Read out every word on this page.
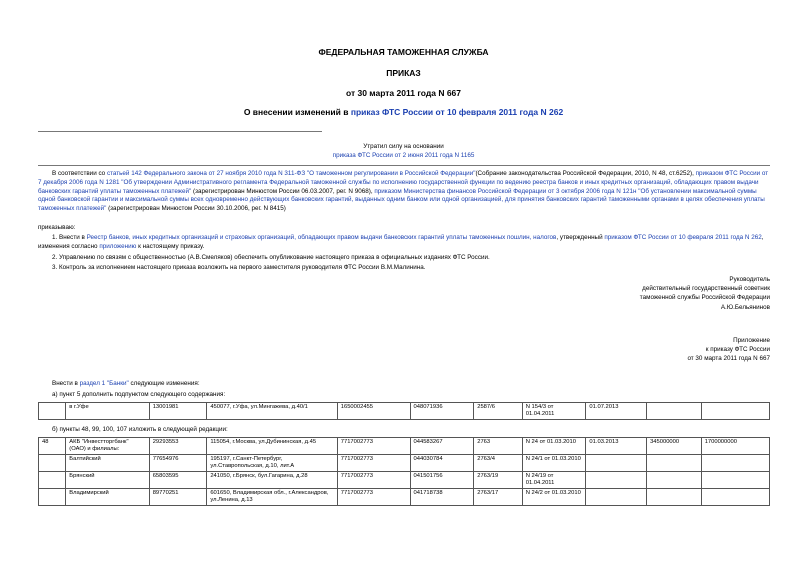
ФЕДЕРАЛЬНАЯ ТАМОЖЕННАЯ СЛУЖБА
ПРИКАЗ
от 30 марта 2011 года N 667
О внесении изменений в приказ ФТС России от 10 февраля 2011 года N 262
Утратил силу на основании
приказа ФТС России от 2 июня 2011 года N 1165
В соответствии со статьей 142 Федерального закона от 27 ноября 2010 года N 311-ФЗ "О таможенном регулировании в Российской Федерации"(Собрание законодательства Российской Федерации, 2010, N 48, ст.6252), приказом ФТС России от 7 декабря 2006 года N 1281 "Об утверждении Административного регламента Федеральной таможенной службы по исполнению государственной функции по ведению реестра банков и иных кредитных организаций, обладающих правом выдачи банковских гарантий уплаты таможенных платежей" (зарегистрирован Минюстом России 06.03.2007, рег. N 9068), приказом Министерства финансов Российской Федерации от 3 октября 2006 года N 121н "Об установлении максимальной суммы одной банковской гарантии и максимальной суммы всех одновременно действующих банковских гарантий, выданных одним банком или одной организацией, для принятия банковских гарантий таможенными органами в целях обеспечения уплаты таможенных платежей" (зарегистрирован Минюстом России 30.10.2006, рег. N 8415)
приказываю:
1. Внести в Реестр банков, иных кредитных организаций и страховых организаций, обладающих правом выдачи банковских гарантий уплаты таможенных пошлин, налогов, утвержденный приказом ФТС России от 10 февраля 2011 года N 262, изменения согласно приложению к настоящему приказу.
2. Управлению по связям с общественностью (А.В.Смеляков) обеспечить опубликование настоящего приказа в официальных изданиях ФТС России.
3. Контроль за исполнением настоящего приказа возложить на первого заместителя руководителя ФТС России В.М.Малинина.
Руководитель
действительный государственный советник
таможенной службы Российской Федерации
А.Ю.Бельянинов
Приложение
к приказу ФТС России
от 30 марта 2011 года N 667
Внести в раздел 1 "Банки" следующие изменения:
а) пункт 5 дополнить подпунктом следующего содержания:
	в г.Уфе	13001981	450077, г.Уфа, ул.Мингажева, д.40/1	1650002455	048071936	2587/6	N 154/3 от 01.04.2011	01.07.2013		
б) пункты 48, 99, 100, 107 изложить в следующей редакции:
48	АКБ "Инвестторгбанк" (ОАО) и филиалы:	29293553	115054, г.Москва, ул.Дубининская, д.45	7717002773	044583267	2763	N 24 от 01.03.2010	01.03.2013	345000000	1700000000
	Балтийский	77654976	195197, г.Санкт-Петербург, ул.Ставропольская, д.10, лит.А	7717002773	044030784	2763/4	N 24/1 от 01.03.2010			
	Брянский	65803595	241050, г.Брянск, бул.Гагарина, д.28	7717002773	041501756	2763/19	N 24/19 от 01.04.2011			
	Владимирский	89770251	601650, Владимирская обл., г.Александров, ул.Ленина, д.13	7717002773	041718738	2763/17	N 24/2 от 01.03.2010			
